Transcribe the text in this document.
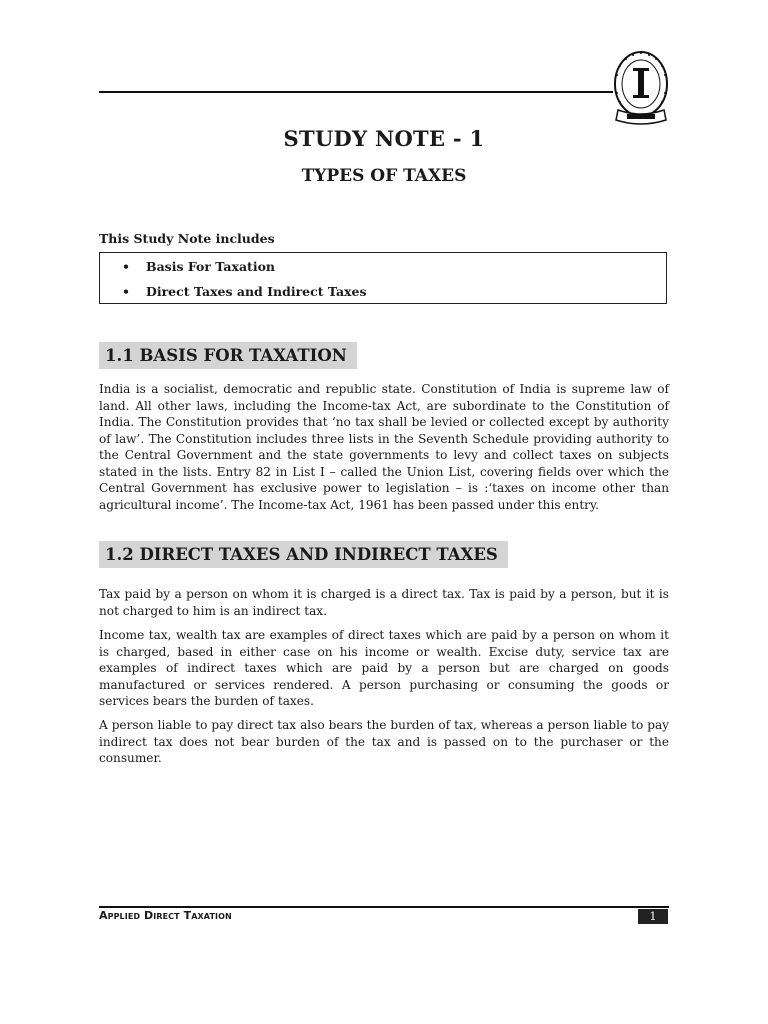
STUDY NOTE - 1
TYPES OF TAXES
This Study Note includes
• Basis For Taxation
• Direct Taxes and Indirect Taxes
1.1 BASIS FOR TAXATION

India is a socialist, democratic and republic state. Constitution of India is supreme law of land. All other laws, including the Income-tax Act, are subordinate to the Constitution of India. The Constitution provides that ‘no tax shall be levied or collected except by authority of law’. The Constitution includes three lists in the Seventh Schedule providing authority to the Central Government and the state governments to levy and collect taxes on subjects stated in the lists. Entry 82 in List I – called the Union List, covering fields over which the Central Government has exclusive power to legislation – is :‘taxes on income other than agricultural income’. The Income-tax Act, 1961 has been passed under this entry.

1.2 DIRECT TAXES AND INDIRECT TAXES

Tax paid by a person on whom it is charged is a direct tax. Tax is paid by a person, but it is not charged to him is an indirect tax.

Income tax, wealth tax are examples of direct taxes which are paid by a person on whom it is charged, based in either case on his income or wealth. Excise duty, service tax are examples of indirect taxes which are paid by a person but are charged on goods manufactured or services rendered. A person purchasing or consuming the goods or services bears the burden of taxes.

A person liable to pay direct tax also bears the burden of tax, whereas a person liable to pay indirect tax does not bear burden of the tax and is passed on to the purchaser or the consumer.

Applied Direct Taxation	1
